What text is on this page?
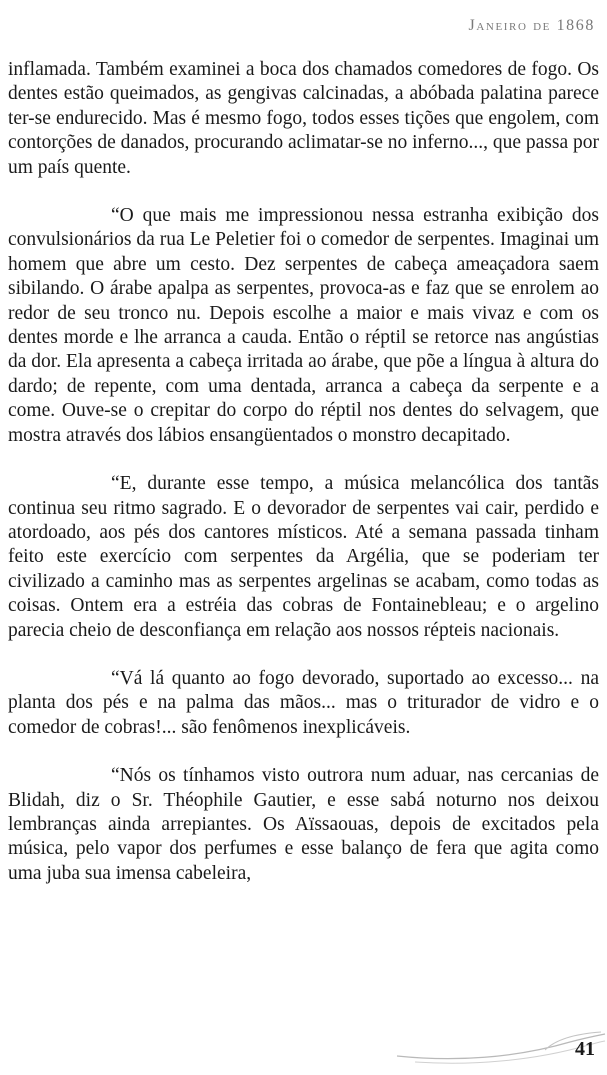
Janeiro de 1868

inflamada. Também examinei a boca dos chamados comedores de fogo. Os dentes estão queimados, as gengivas calcinadas, a abóbada palatina parece ter-se endurecido. Mas é mesmo fogo, todos esses tições que engolem, com contorções de danados, procurando aclimatar-se no inferno..., que passa por um país quente.

“O que mais me impressionou nessa estranha exibição dos convulsionários da rua Le Peletier foi o comedor de serpentes. Imaginai um homem que abre um cesto. Dez serpentes de cabeça ameaçadora saem sibilando. O árabe apalpa as serpentes, provoca-as e faz que se enrolem ao redor de seu tronco nu. Depois escolhe a maior e mais vivaz e com os dentes morde e lhe arranca a cauda. Então o réptil se retorce nas angústias da dor. Ela apresenta a cabeça irritada ao árabe, que põe a língua à altura do dardo; de repente, com uma dentada, arranca a cabeça da serpente e a come. Ouve-se o crepitar do corpo do réptil nos dentes do selvagem, que mostra através dos lábios ensangüentados o monstro decapitado.

“E, durante esse tempo, a música melancólica dos tantãs continua seu ritmo sagrado. E o devorador de serpentes vai cair, perdido e atordoado, aos pés dos cantores místicos. Até a semana passada tinham feito este exercício com serpentes da Argélia, que se poderiam ter civilizado a caminho mas as serpentes argelinas se acabam, como todas as coisas. Ontem era a estréia das cobras de Fontainebleau; e o argelino parecia cheio de desconfiança em relação aos nossos répteis nacionais.

“Vá lá quanto ao fogo devorado, suportado ao excesso... na planta dos pés e na palma das mãos... mas o triturador de vidro e o comedor de cobras!... são fenômenos inexplicáveis.

“Nós os tínhamos visto outrora num aduar, nas cercanias de Blidah, diz o Sr. Théophile Gautier, e esse sabá noturno nos deixou lembranças ainda arrepiantes. Os Aïssaouas, depois de excitados pela música, pelo vapor dos perfumes e esse balanço de fera que agita como uma juba sua imensa cabeleira,

41
